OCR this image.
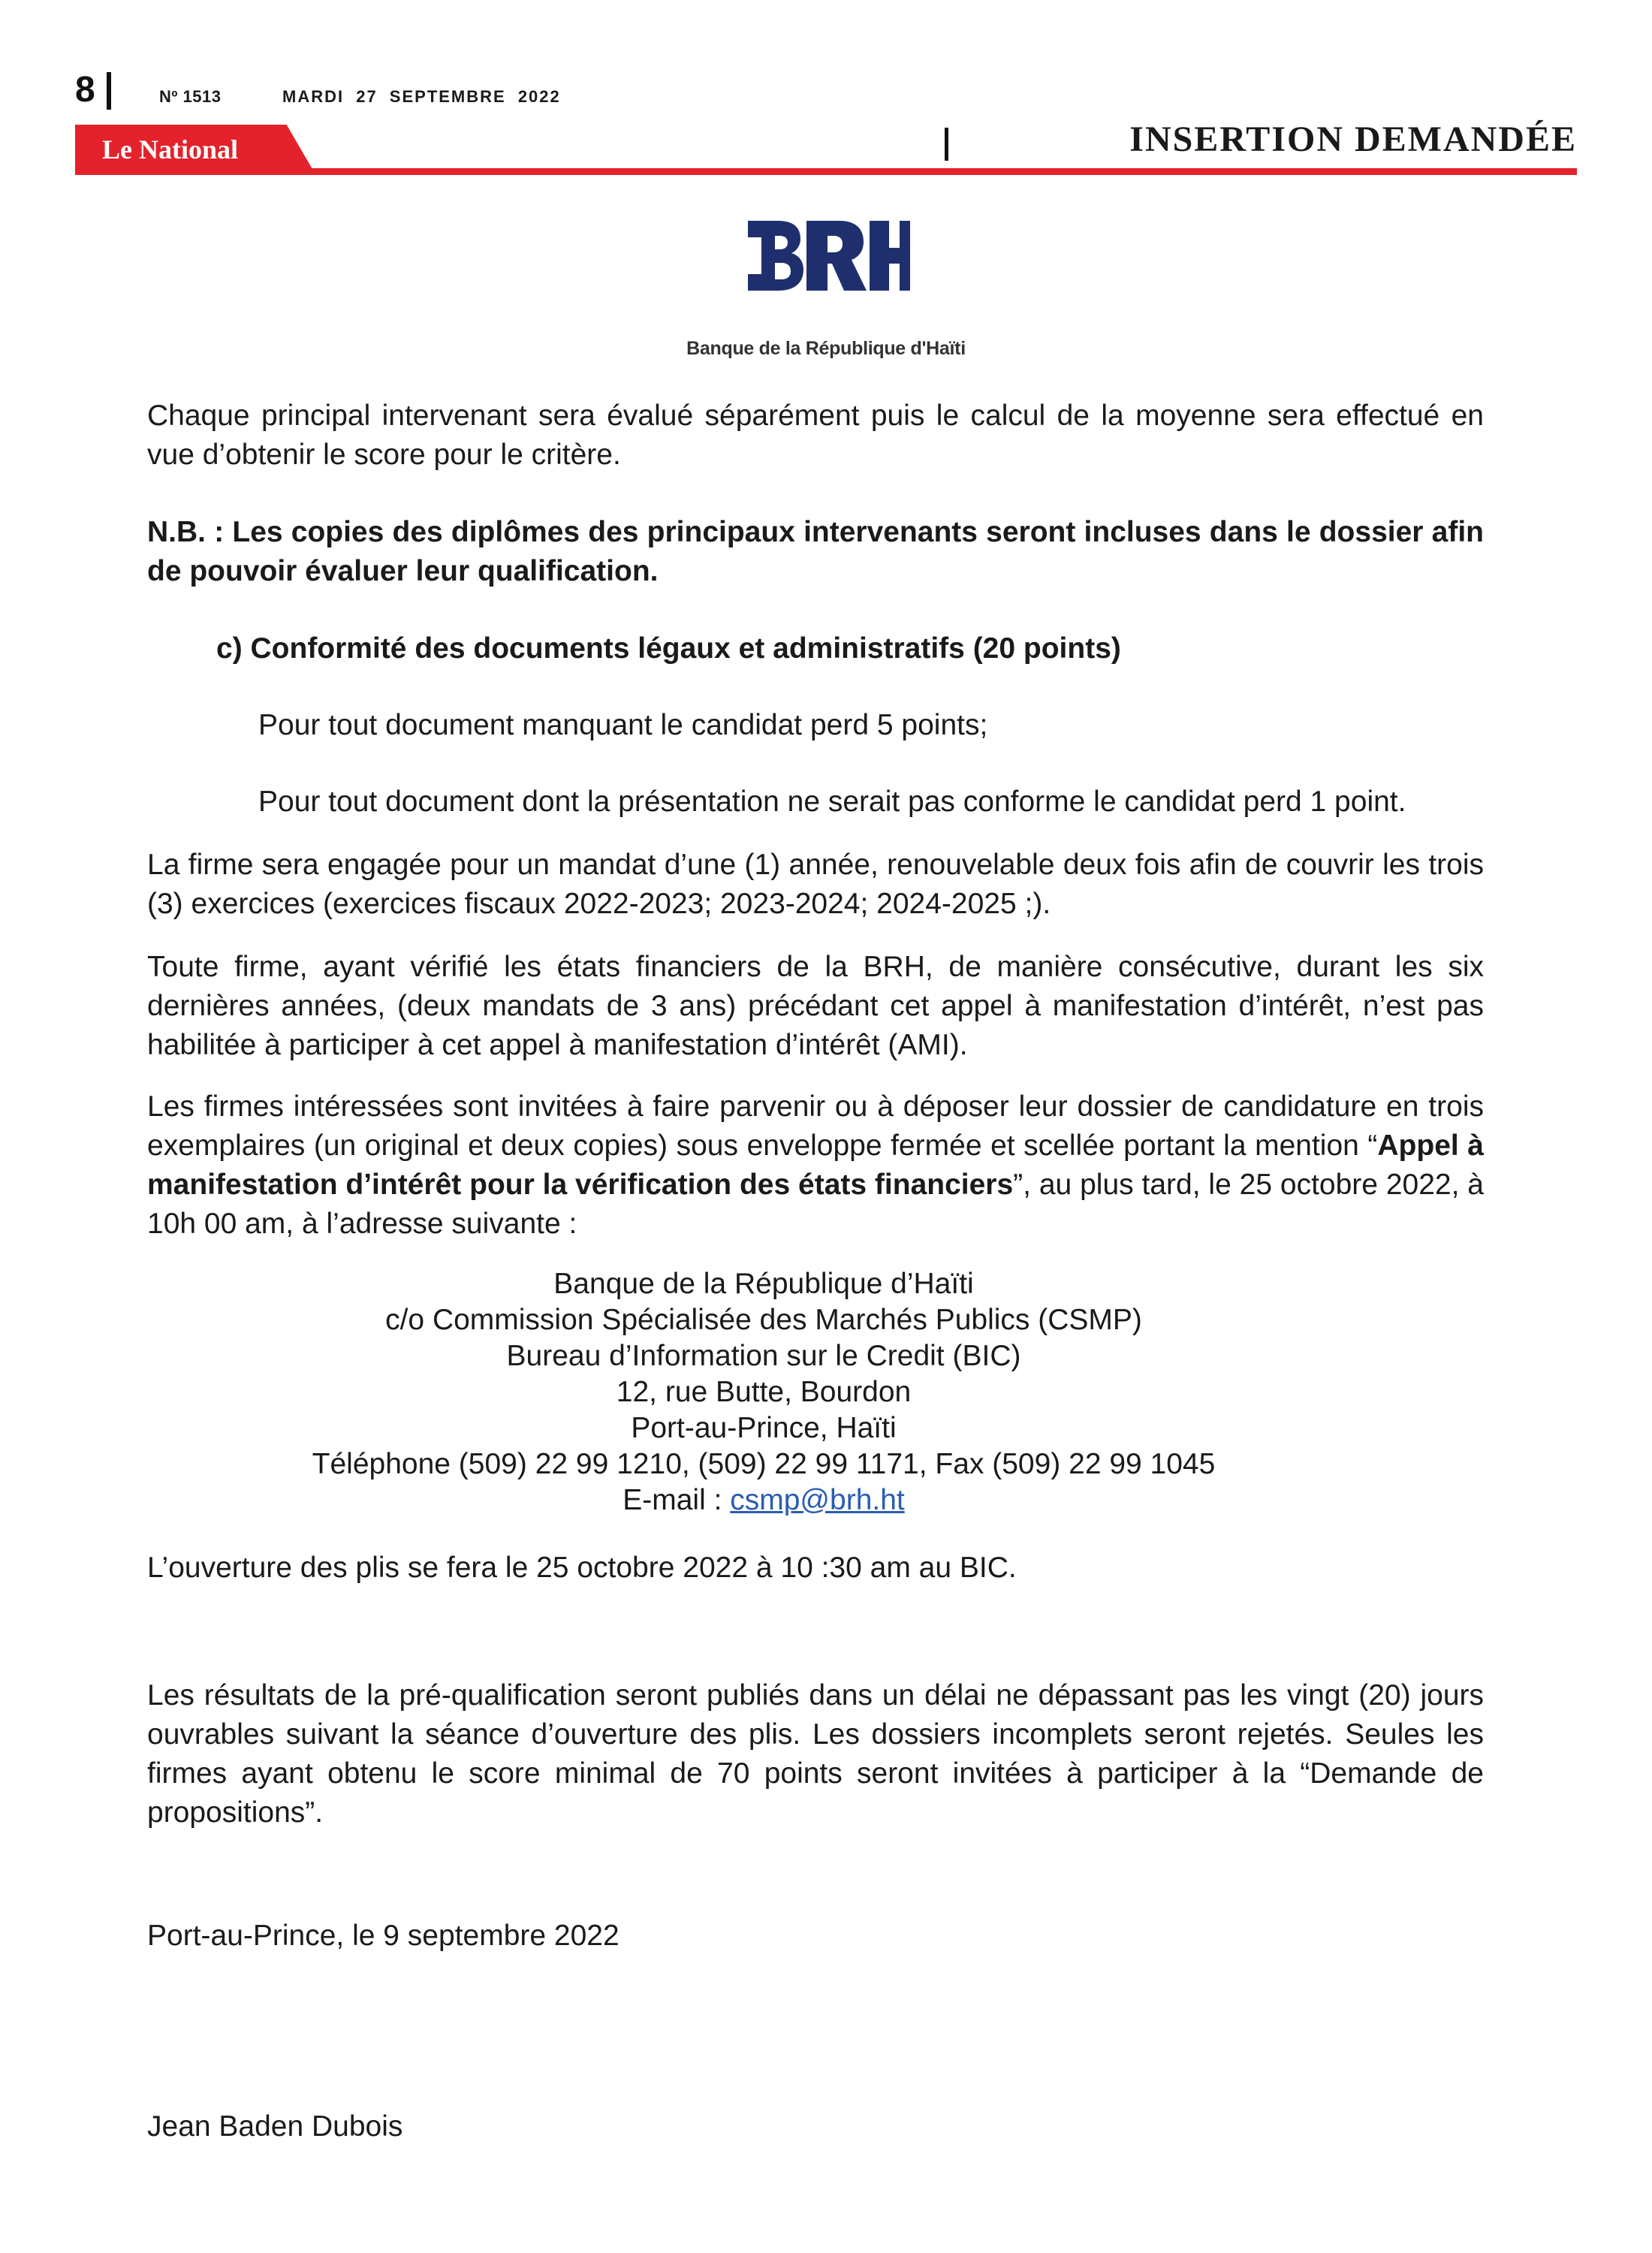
8	Nº 1513	MARDI 27 SEPTEMBRE 2022
Le National	INSERTION DEMANDÉE
Banque de la République d'Haïti

Chaque principal intervenant sera évalué séparément puis le calcul de la moyenne sera effectué en vue d’obtenir le score pour le critère.

N.B. : Les copies des diplômes des principaux intervenants seront incluses dans le dossier afin de pouvoir évaluer leur qualification.

c) Conformité des documents légaux et administratifs (20 points)

Pour tout document manquant le candidat perd 5 points;

Pour tout document dont la présentation ne serait pas conforme le candidat perd 1 point.

La firme sera engagée pour un mandat d’une (1) année, renouvelable deux fois afin de couvrir les trois (3) exercices (exercices fiscaux 2022-2023; 2023-2024; 2024-2025 ;).

Toute firme, ayant vérifié les états financiers de la BRH, de manière consécutive, durant les six dernières années, (deux mandats de 3 ans) précédant cet appel à manifestation d’intérêt, n’est pas habilitée à participer à cet appel à manifestation d’intérêt (AMI).

Les firmes intéressées sont invitées à faire parvenir ou à déposer leur dossier de candidature en trois exemplaires (un original et deux copies) sous enveloppe fermée et scellée portant la mention “Appel à manifestation d’intérêt pour la vérification des états financiers”, au plus tard, le 25 octobre 2022, à 10h 00 am, à l’adresse suivante :

Banque de la République d’Haïti
c/o Commission Spécialisée des Marchés Publics (CSMP)
Bureau d’Information sur le Credit (BIC)
12, rue Butte, Bourdon
Port-au-Prince, Haïti
Téléphone (509) 22 99 1210, (509) 22 99 1171, Fax (509) 22 99 1045
E-mail : csmp@brh.ht

L’ouverture des plis se fera le 25 octobre 2022 à 10 :30 am au BIC.

Les résultats de la pré-qualification seront publiés dans un délai ne dépassant pas les vingt (20) jours ouvrables suivant la séance d’ouverture des plis. Les dossiers incomplets seront rejetés. Seules les firmes ayant obtenu le score minimal de 70 points seront invitées à participer à la “Demande de propositions”.

Port-au-Prince, le 9 septembre 2022

Jean Baden Dubois
